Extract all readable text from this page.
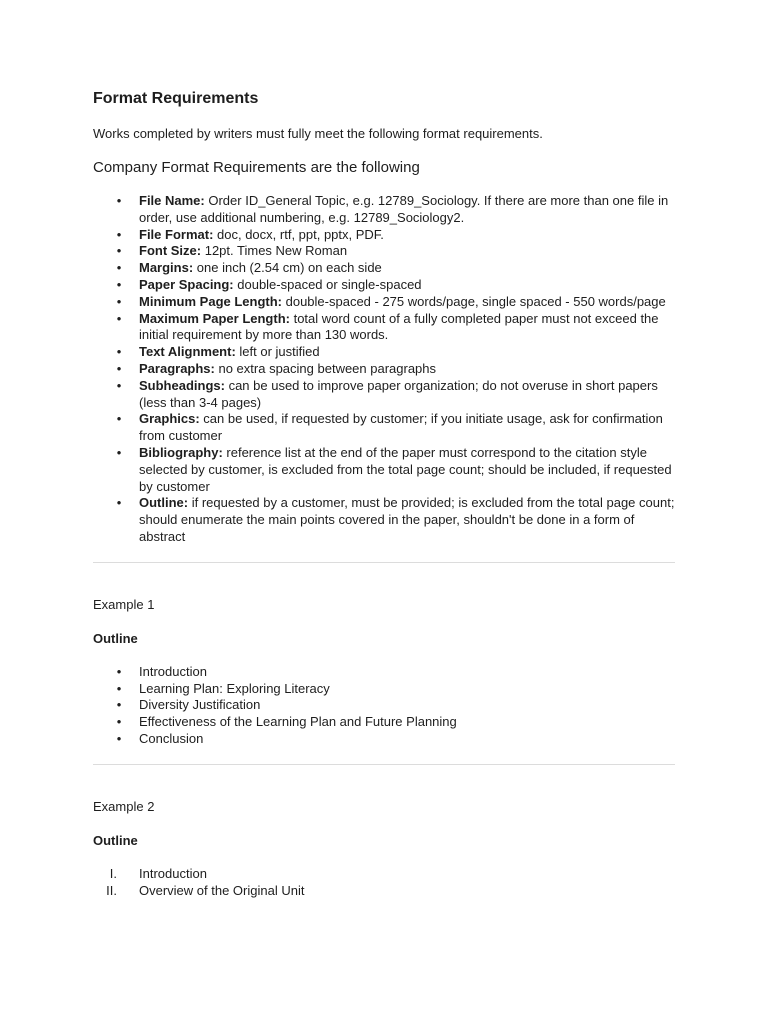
Format Requirements

Works completed by writers must fully meet the following format requirements.

Company Format Requirements are the following
• File Name: Order ID_General Topic, e.g. 12789_Sociology. If there are more than one file in order, use additional numbering, e.g. 12789_Sociology2.
• File Format: doc, docx, rtf, ppt, pptx, PDF.
• Font Size: 12pt. Times New Roman
• Margins: one inch (2.54 cm) on each side
• Paper Spacing: double-spaced or single-spaced
• Minimum Page Length: double-spaced - 275 words/page, single spaced - 550 words/page
• Maximum Paper Length: total word count of a fully completed paper must not exceed the initial requirement by more than 130 words.
• Text Alignment: left or justified
• Paragraphs: no extra spacing between paragraphs
• Subheadings: can be used to improve paper organization; do not overuse in short papers (less than 3-4 pages)
• Graphics: can be used, if requested by customer; if you initiate usage, ask for confirmation from customer
• Bibliography: reference list at the end of the paper must correspond to the citation style selected by customer, is excluded from the total page count; should be included, if requested by customer
• Outline: if requested by a customer, must be provided; is excluded from the total page count; should enumerate the main points covered in the paper, shouldn't be done in a form of abstract

Example 1

Outline

• Introduction
• Learning Plan: Exploring Literacy
• Diversity Justification
• Effectiveness of the Learning Plan and Future Planning
• Conclusion

Example 2

Outline

I. Introduction
II. Overview of the Original Unit
